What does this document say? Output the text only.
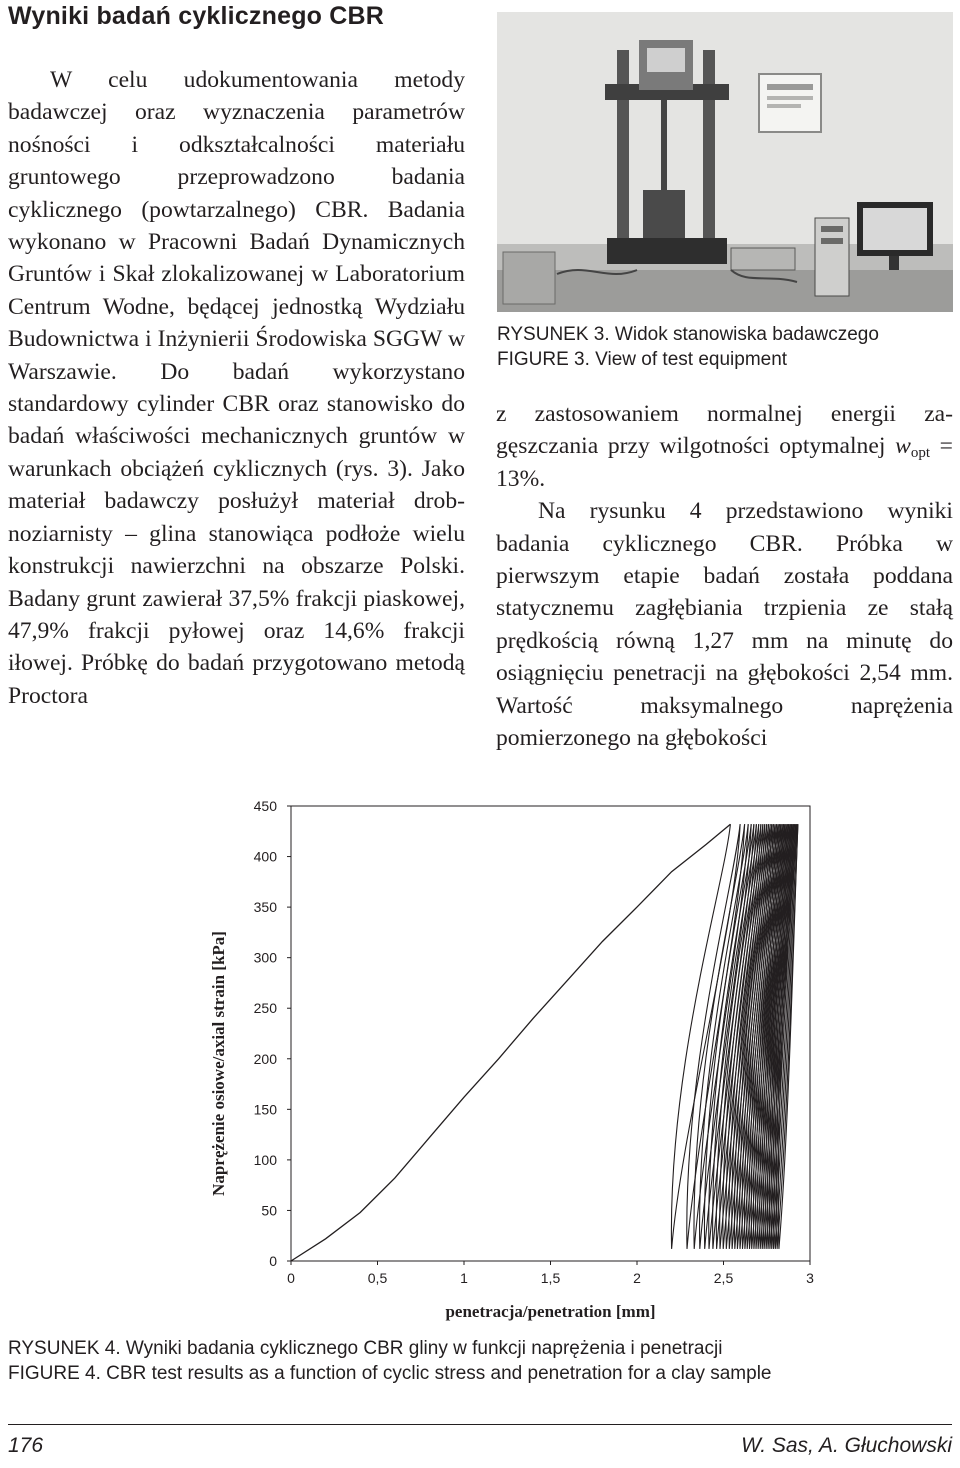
Wyniki badań cyklicznego CBR

W celu udokumentowania metody badawczej oraz wyznaczenia parametrów nośności i odkształcalności materiału gruntowego przeprowadzono badania cyklicznego (powtarzalnego) CBR. Badania wykonano w Pracowni Badań Dynamicznych Gruntów i Skał zlokalizowanej w Laboratorium Centrum Wodne, będącej jednostką Wydziału Budownictwa i Inżynierii Środowiska SGGW w Warszawie. Do badań wykorzystano standardowy cylinder CBR oraz stanowisko do badań właściwości mechanicznych gruntów w warunkach obciążeń cyklicznych (rys. 3). Jako materiał badawczy posłużył materiał drobnoziarnisty – glina stanowiąca podłoże wielu konstrukcji nawierzchni na obszarze Polski. Badany grunt zawierał 37,5% frakcji piaskowej, 47,9% frakcji pyłowej oraz 14,6% frakcji iłowej. Próbkę do badań przygotowano metodą Proctora

RYSUNEK 3. Widok stanowiska badawczego
FIGURE 3. View of test equipment

z zastosowaniem normalnej energii zagęszczania przy wilgotności optymalnej $w_{opt} = 13\%$.

Na rysunku 4 przedstawiono wyniki badania cyklicznego CBR. Próbka w pierwszym etapie badań została poddana statycznemu zagłębiania trzpienia ze stałą prędkością równą 1,27 mm na minutę do osiągnięciu penetracji na głębokości 2,54 mm. Wartość maksymalnego naprężenia pomierzonego na głębokości

0
50
100
150
200
250
300
350
400
450
0	0,5	1	1,5	2	2,5	3
penetracja/penetration [mm]
Naprężenie osiowe/axial strain [kPa]
RYSUNEK 4. Wyniki badania cyklicznego CBR gliny w funkcji naprężenia i penetracji
FIGURE 4. CBR test results as a function of cyclic stress and penetration for a clay sample
176	W. Sas, A. Głuchowski
